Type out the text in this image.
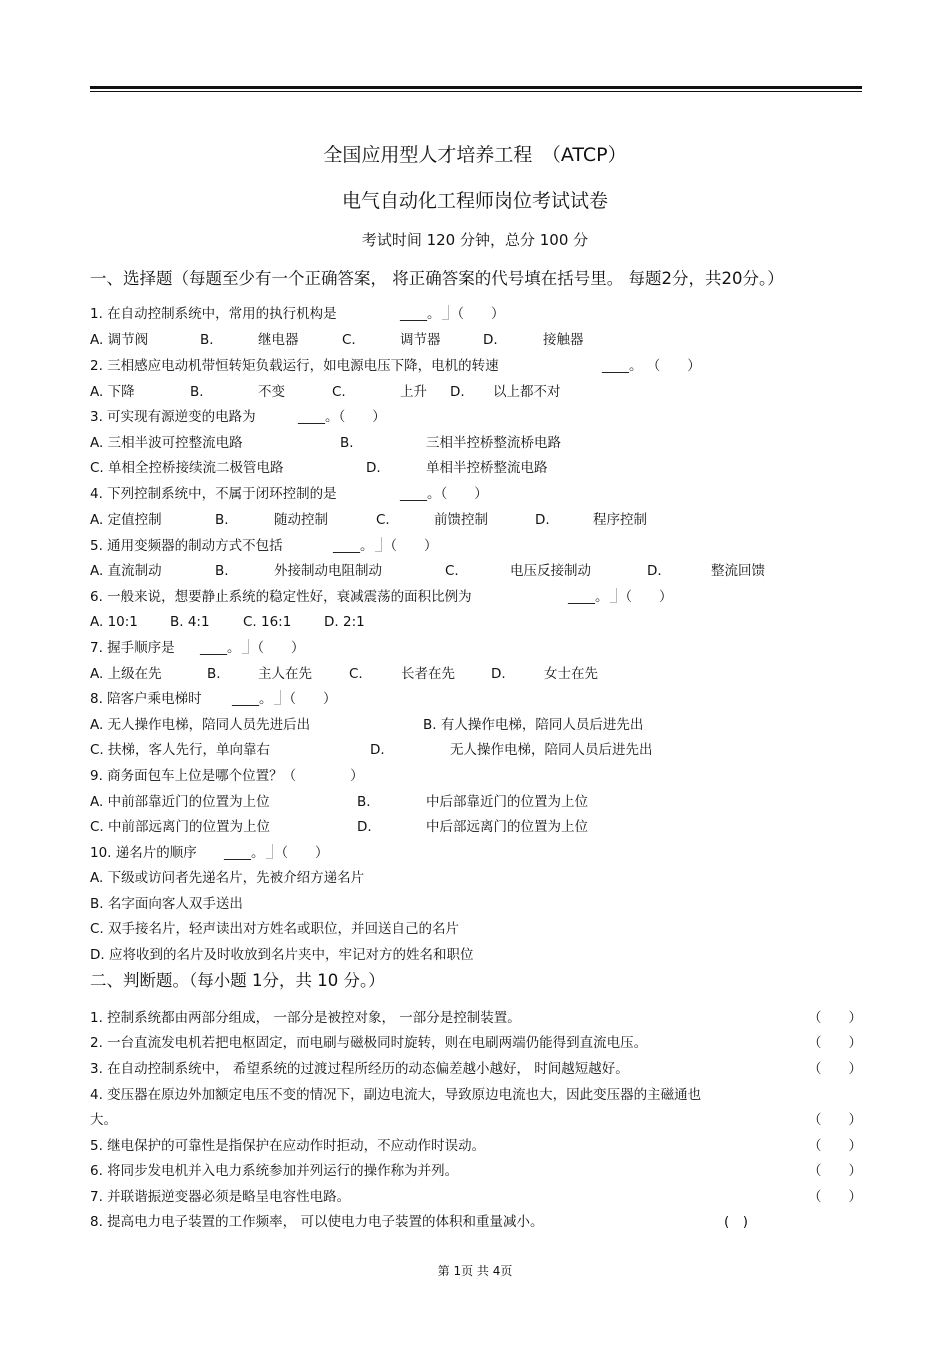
全国应用型人才培养工程　（ATCP）
电气自动化工程师岗位考试试卷
考试时间 120 分钟，总分 100 分
一、选择题（每题至少有一个正确答案， 将正确答案的代号填在括号里。 每题2分，共20分。）
1. 在自动控制系统中，常用的执行机构是	____。 （　　）
A. 调节阀	B.	继电器	C.	调节器	D.	接触器
2. 三相感应电动机带恒转矩负载运行，如电源电压下降，电机的转速	____。 （　　）
A. 下降	B.	不变	C.	上升 D. 以上都不对
3. 可实现有源逆变的电路为	____。（　　）
A. 三相半波可控整流电路	B.	三相半控桥整流桥电路
C. 单相全控桥接续流二极管电路	D.	单相半控桥整流电路
4. 下列控制系统中，不属于闭环控制的是	____。（　　）
A. 定值控制	B.	随动控制	C.	前馈控制	D.	程序控制
5. 通用变频器的制动方式不包括	____。 （　　）
A. 直流制动	B.	外接制动电阻制动	C.	电压反接制动	D.	整流回馈
6. 一般来说，想要静止系统的稳定性好，衰减震荡的面积比例为	____。 （　　）
A. 10:1 B. 4:1 C. 16:1 D. 2:1
7. 握手顺序是 ____。 （　　）
A. 上级在先	B.	主人在先	C.	长者在先	D.	女士在先
8. 陪客户乘电梯时 ____。 （　　）
A. 无人操作电梯，陪同人员先进后出	B. 有人操作电梯，陪同人员后进先出
C. 扶梯，客人先行，单向靠右	D.	无人操作电梯，陪同人员后进先出
9. 商务面包车上位是哪个位置？（　　　　）
A. 中前部靠近门的位置为上位	B.	中后部靠近门的位置为上位
C. 中前部远离门的位置为上位	D.	中后部远离门的位置为上位
10. 递名片的顺序 ____。 （　　）
A. 下级或访问者先递名片，先被介绍方递名片
B. 名字面向客人双手送出
C. 双手接名片，轻声读出对方姓名或职位，并回送自己的名片
D. 应将收到的名片及时收放到名片夹中，牢记对方的姓名和职位
二、判断题。（每小题 1分，共 10 分。）
1. 控制系统都由两部分组成， 一部分是被控对象， 一部分是控制装置。	（　　）
2. 一台直流发电机若把电枢固定，而电刷与磁极同时旋转，则在电刷两端仍能得到直流电压。	（　　）
3. 在自动控制系统中， 希望系统的过渡过程所经历的动态偏差越小越好， 时间越短越好。	（　　）
4. 变压器在原边外加额定电压不变的情况下，副边电流大，导致原边电流也大，因此变压器的主磁通也
大。	（　　）
5. 继电保护的可靠性是指保护在应动作时拒动，不应动作时误动。	（　　）
6. 将同步发电机并入电力系统参加并列运行的操作称为并列。	（　　）
7. 并联谐振逆变器必须是略呈电容性电路。	（　　）
8. 提高电力电子装置的工作频率， 可以使电力电子装置的体积和重量减小。	(　)
第 1页 共 4页
